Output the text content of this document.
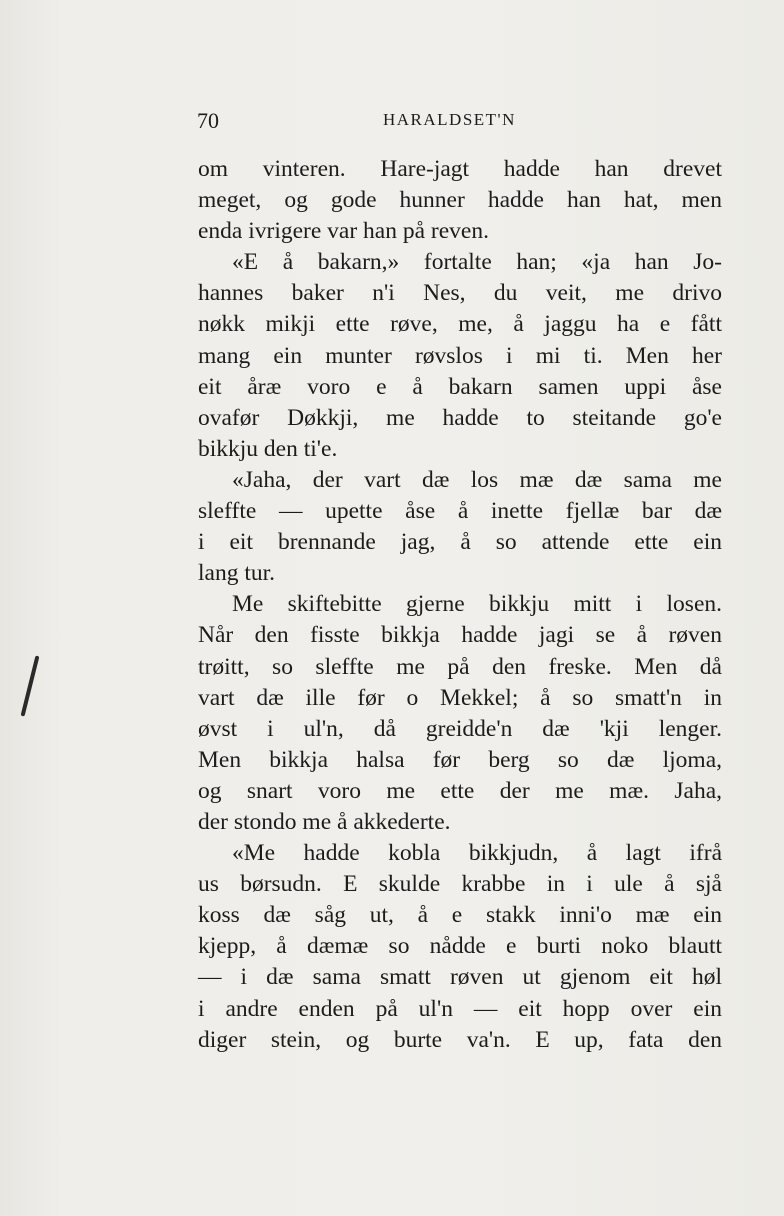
70	HARALDSET'N
om vinteren. Hare-jagt hadde han drevet
meget, og gode hunner hadde han hat, men
enda ivrigere var han på reven.
«E å bakarn,» fortalte han; «ja han Jo-
hannes baker n'i Nes, du veit, me drivo
nøkk mikji ette røve, me, å jaggu ha e fått
mang ein munter røvslos i mi ti. Men her
eit åræ voro e å bakarn samen uppi åse
ovafør Døkkji, me hadde to steitande go'e
bikkju den ti'e.
«Jaha, der vart dæ los mæ dæ sama me
sleffte — upette åse å inette fjellæ bar dæ
i eit brennande jag, å so attende ette ein
lang tur.
Me skiftebitte gjerne bikkju mitt i losen.
Når den fisste bikkja hadde jagi se å røven
trøitt, so sleffte me på den freske. Men då
vart dæ ille før o Mekkel; å so smatt'n in
øvst i ul'n, då greidde'n dæ 'kji lenger.
Men bikkja halsa før berg so dæ ljoma,
og snart voro me ette der me mæ. Jaha,
der stondo me å akkederte.
«Me hadde kobla bikkjudn, å lagt ifrå
us børsudn. E skulde krabbe in i ule å sjå
koss dæ såg ut, å e stakk inni'o mæ ein
kjepp, å dæmæ so nådde e burti noko blautt
— i dæ sama smatt røven ut gjenom eit høl
i andre enden på ul'n — eit hopp over ein
diger stein, og burte va'n. E up, fata den
